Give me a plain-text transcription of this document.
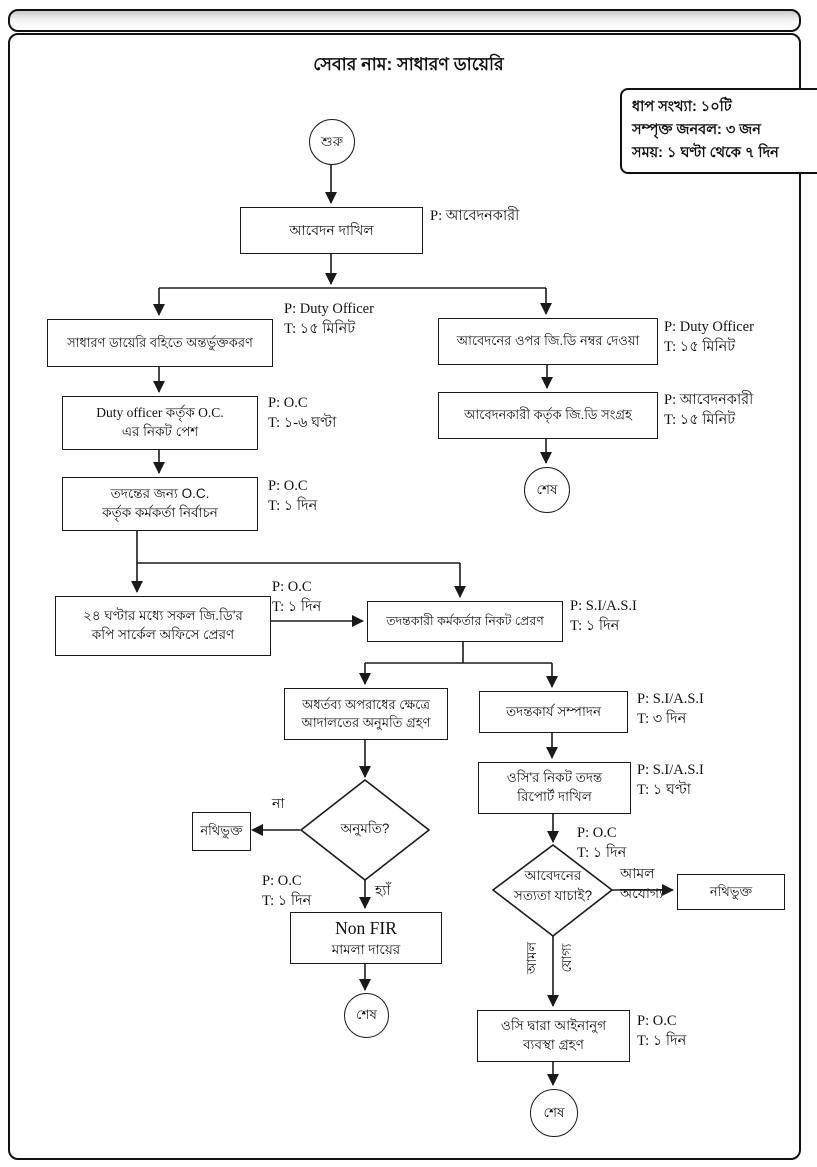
সেবার নাম: সাধারণ ডায়েরি
ধাপ সংখ্যা: ১০টি
সম্পৃক্ত জনবল: ৩ জন
সময়: ১ ঘণ্টা থেকে ৭ দিন
শুরু
শেষ
শেষ
শেষ
আবেদন দাখিল
সাধারণ ডায়েরি বহিতে অন্তর্ভুক্তকরণ	আবেদনের ওপর জি.ডি নম্বর দেওয়া
আবেদনকারী কর্তৃক জি.ডি সংগ্রহ
Duty officer কর্তৃক O.C.
এর নিকট পেশ
তদন্তের জন্য O.C.
কর্তৃক কর্মকর্তা নির্বাচন
২৪ ঘণ্টার মধ্যে সকল জি.ডি'র
কপি সার্কেল অফিসে প্রেরণ
তদন্তকারী কর্মকর্তার নিকট প্রেরণ
অধর্তব্য অপরাধের ক্ষেত্রে
আদালতের অনুমতি গ্রহণ
তদন্তকার্য সম্পাদন
ওসি'র নিকট তদন্ত
রিপোর্ট দাখিল
নথিভুক্ত
Non FIR
মামলা দায়ের
নথিভুক্ত
ওসি দ্বারা আইনানুগ
ব্যবস্থা গ্রহণ
অনুমতি?
আবেদনের
সত্যতা যাচাই?
P: আবেদনকারী
P: Duty Officer
T: ১৫ মিনিট	P: Duty Officer
T: ১৫ মিনিট
P: আবেদনকারী
T: ১৫ মিনিট
P: O.C
T: ১-৬ ঘণ্টা
P: O.C
T: ১ দিন
P: O.C
T: ১ দিন	P: S.I/A.S.I
T: ১ দিন
P: S.I/A.S.I
T: ৩ দিন
P: S.I/A.S.I
T: ১ ঘণ্টা
P: O.C
T: ১ দিন
P: O.C
T: ১ দিন
P: O.C
T: ১ দিন
না
হ্যাঁ
আমল
অযোগ্য
আমল যোগ্য
